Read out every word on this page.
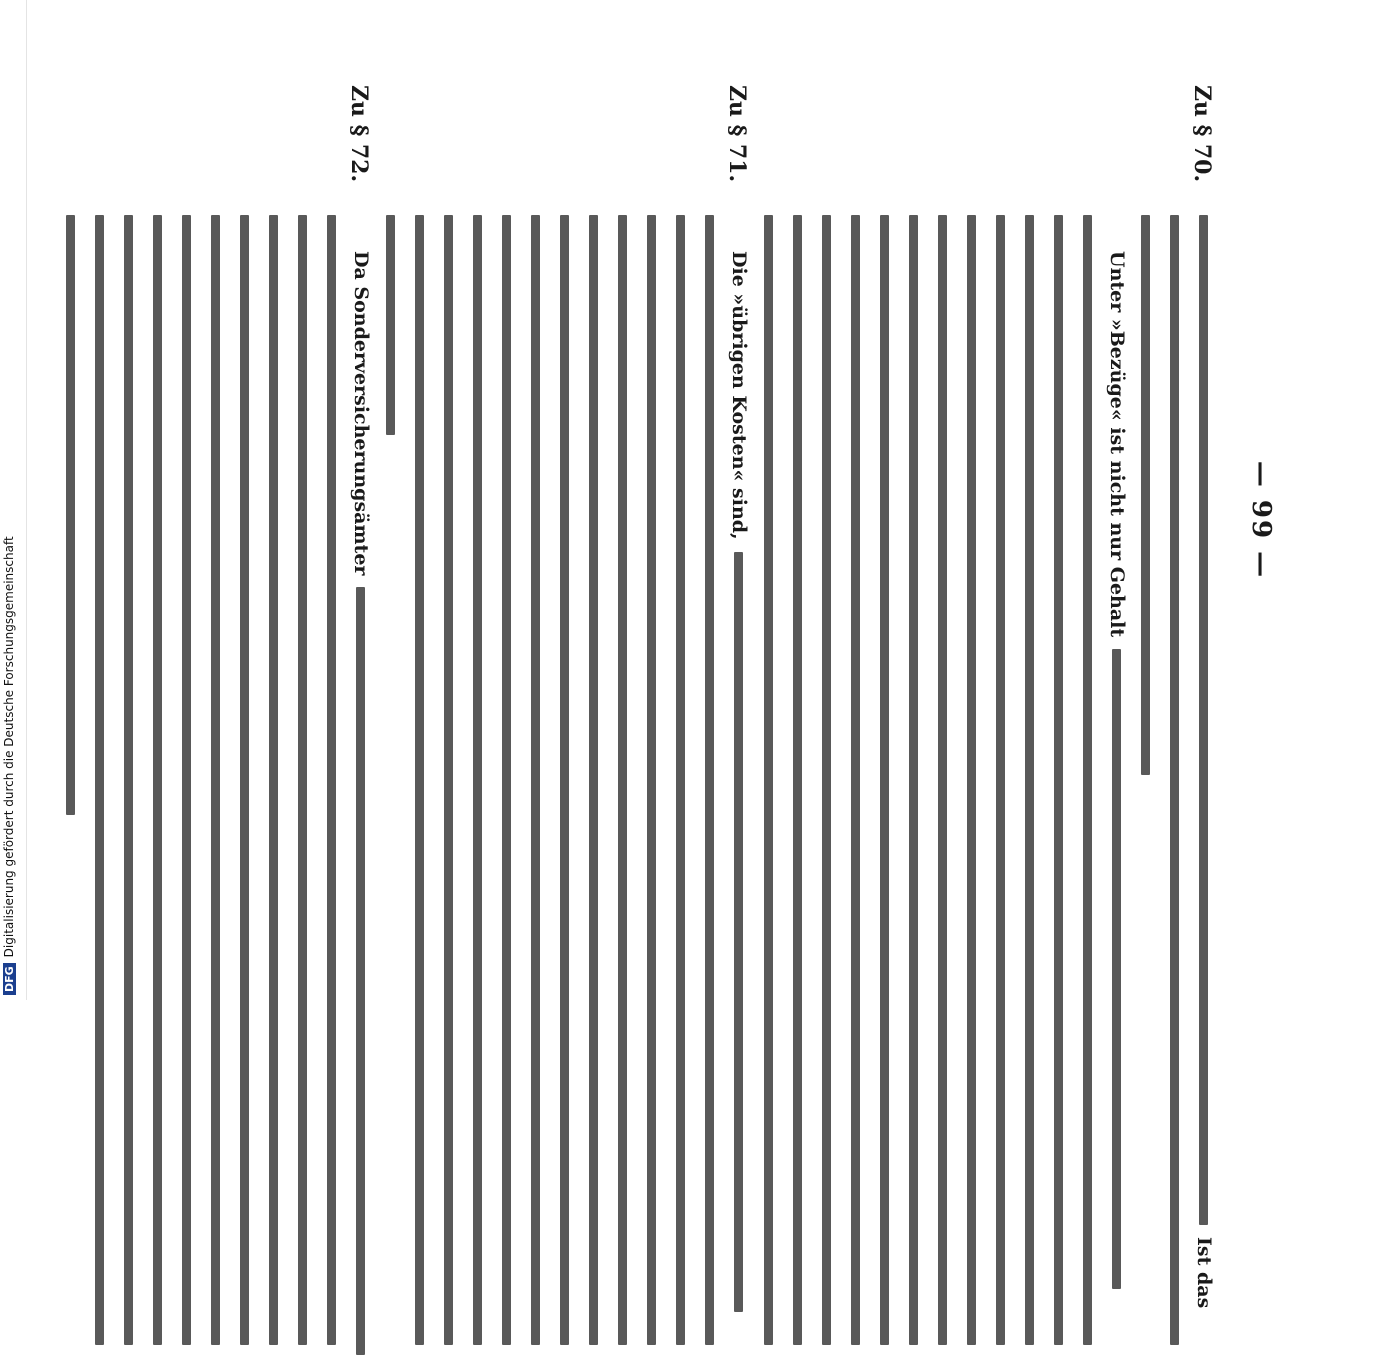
— 99 —
Zu § 70.
Ist das
Unter »Bezüge« ist nicht nur Gehalt
Zu § 71.
Die »übrigen Kosten« sind,
Zu § 72.
Da Sonderversicherungsämter
DFGDigitalisierung gefördert durch die Deutsche Forschungsgemeinschaft
